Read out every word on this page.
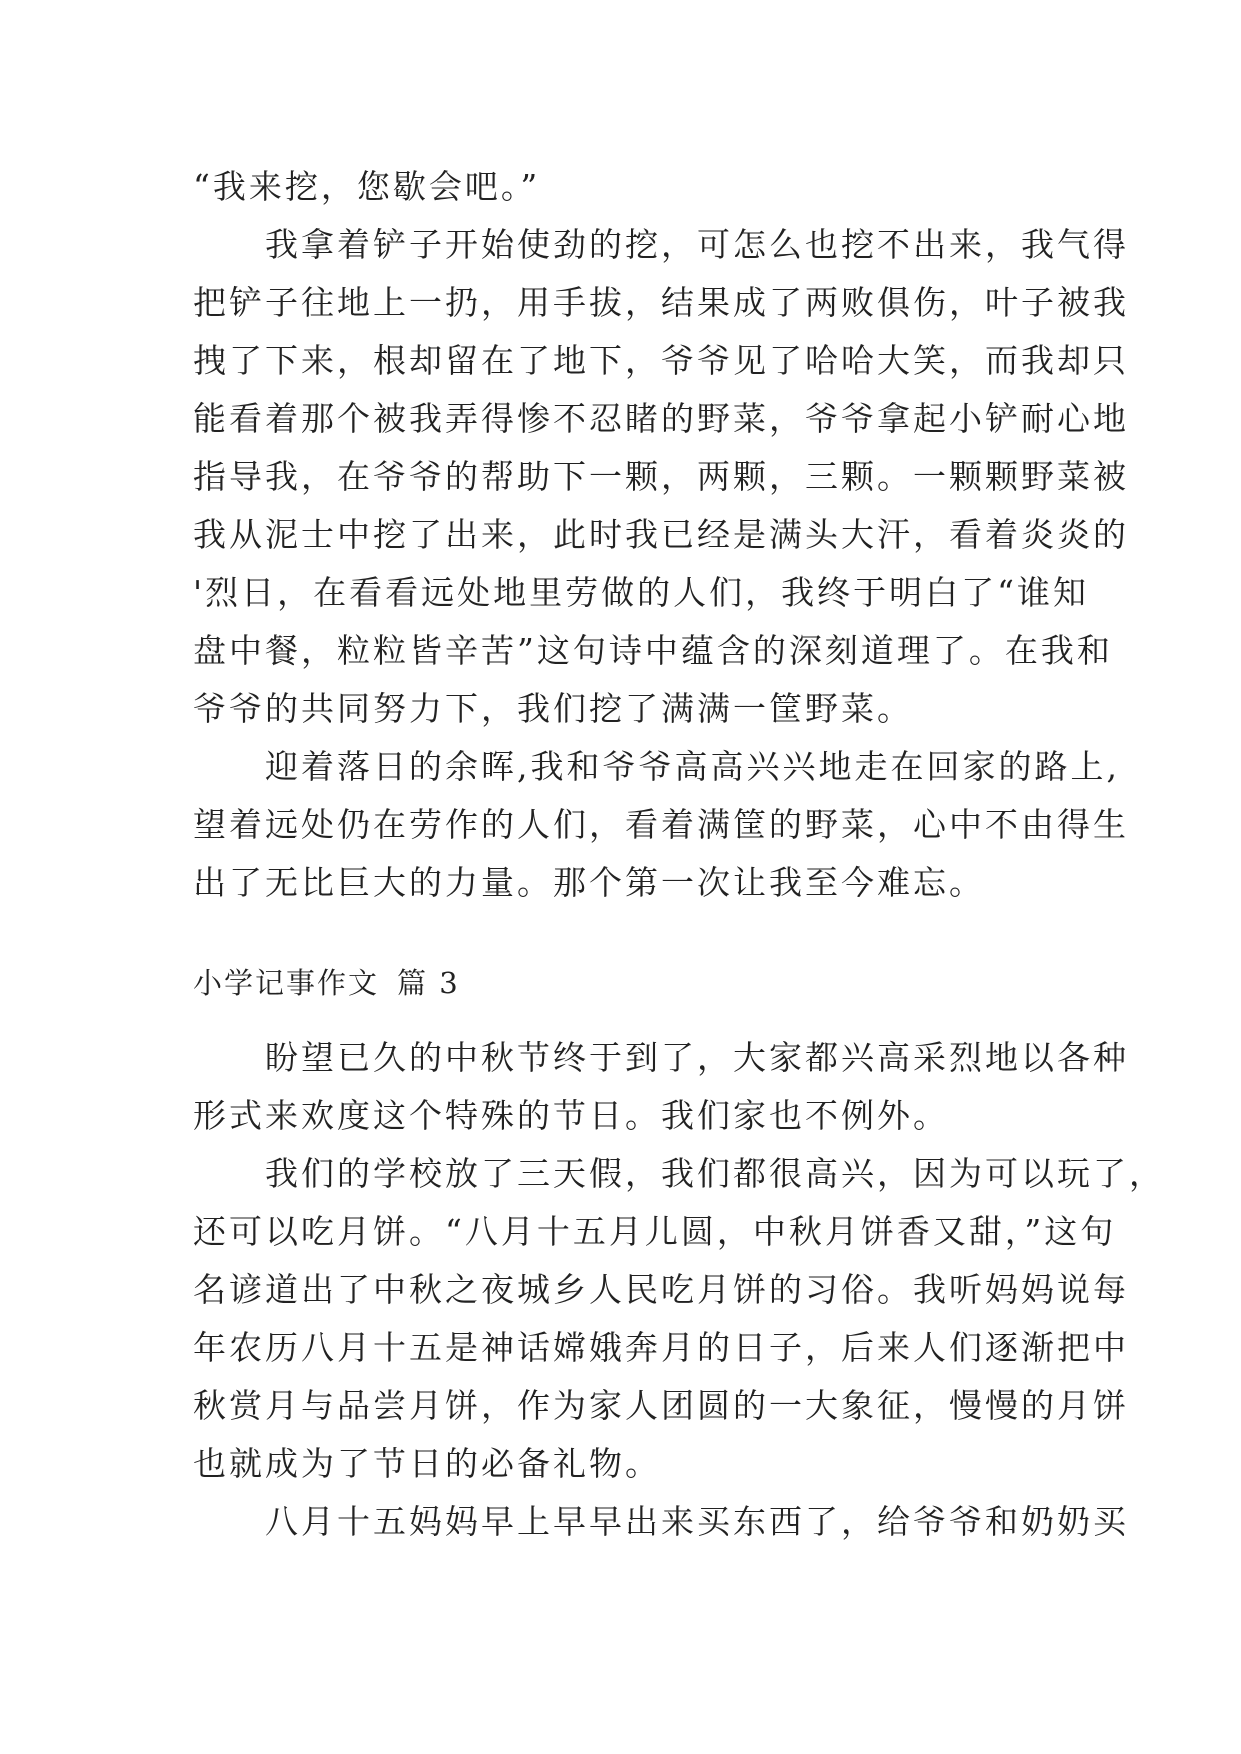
“我来挖，您歇会吧。”
　　我拿着铲子开始使劲的挖，可怎么也挖不出来，我气得
把铲子往地上一扔，用手拔，结果成了两败俱伤，叶子被我
拽了下来，根却留在了地下，爷爷见了哈哈大笑，而我却只
能看着那个被我弄得惨不忍睹的野菜，爷爷拿起小铲耐心地
指导我，在爷爷的帮助下一颗，两颗，三颗。一颗颗野菜被
我从泥士中挖了出来，此时我已经是满头大汗，看着炎炎的
'烈日，在看看远处地里劳做的人们，我终于明白了“谁知
盘中餐，粒粒皆辛苦”这句诗中蕴含的深刻道理了。在我和
爷爷的共同努力下，我们挖了满满一筐野菜。
　　迎着落日的余晖,我和爷爷高高兴兴地走在回家的路上,
望着远处仍在劳作的人们，看着满筐的野菜，心中不由得生
出了无比巨大的力量。那个第一次让我至今难忘。
小学记事作文 篇 3
　　盼望已久的中秋节终于到了，大家都兴高采烈地以各种
形式来欢度这个特殊的节日。我们家也不例外。
　　我们的学校放了三天假，我们都很高兴，因为可以玩了，
还可以吃月饼。“八月十五月儿圆，中秋月饼香又甜，”这句
名谚道出了中秋之夜城乡人民吃月饼的习俗。我听妈妈说每
年农历八月十五是神话嫦娥奔月的日子，后来人们逐渐把中
秋赏月与品尝月饼，作为家人团圆的一大象征，慢慢的月饼
也就成为了节日的必备礼物。
　　八月十五妈妈早上早早出来买东西了，给爷爷和奶奶买
